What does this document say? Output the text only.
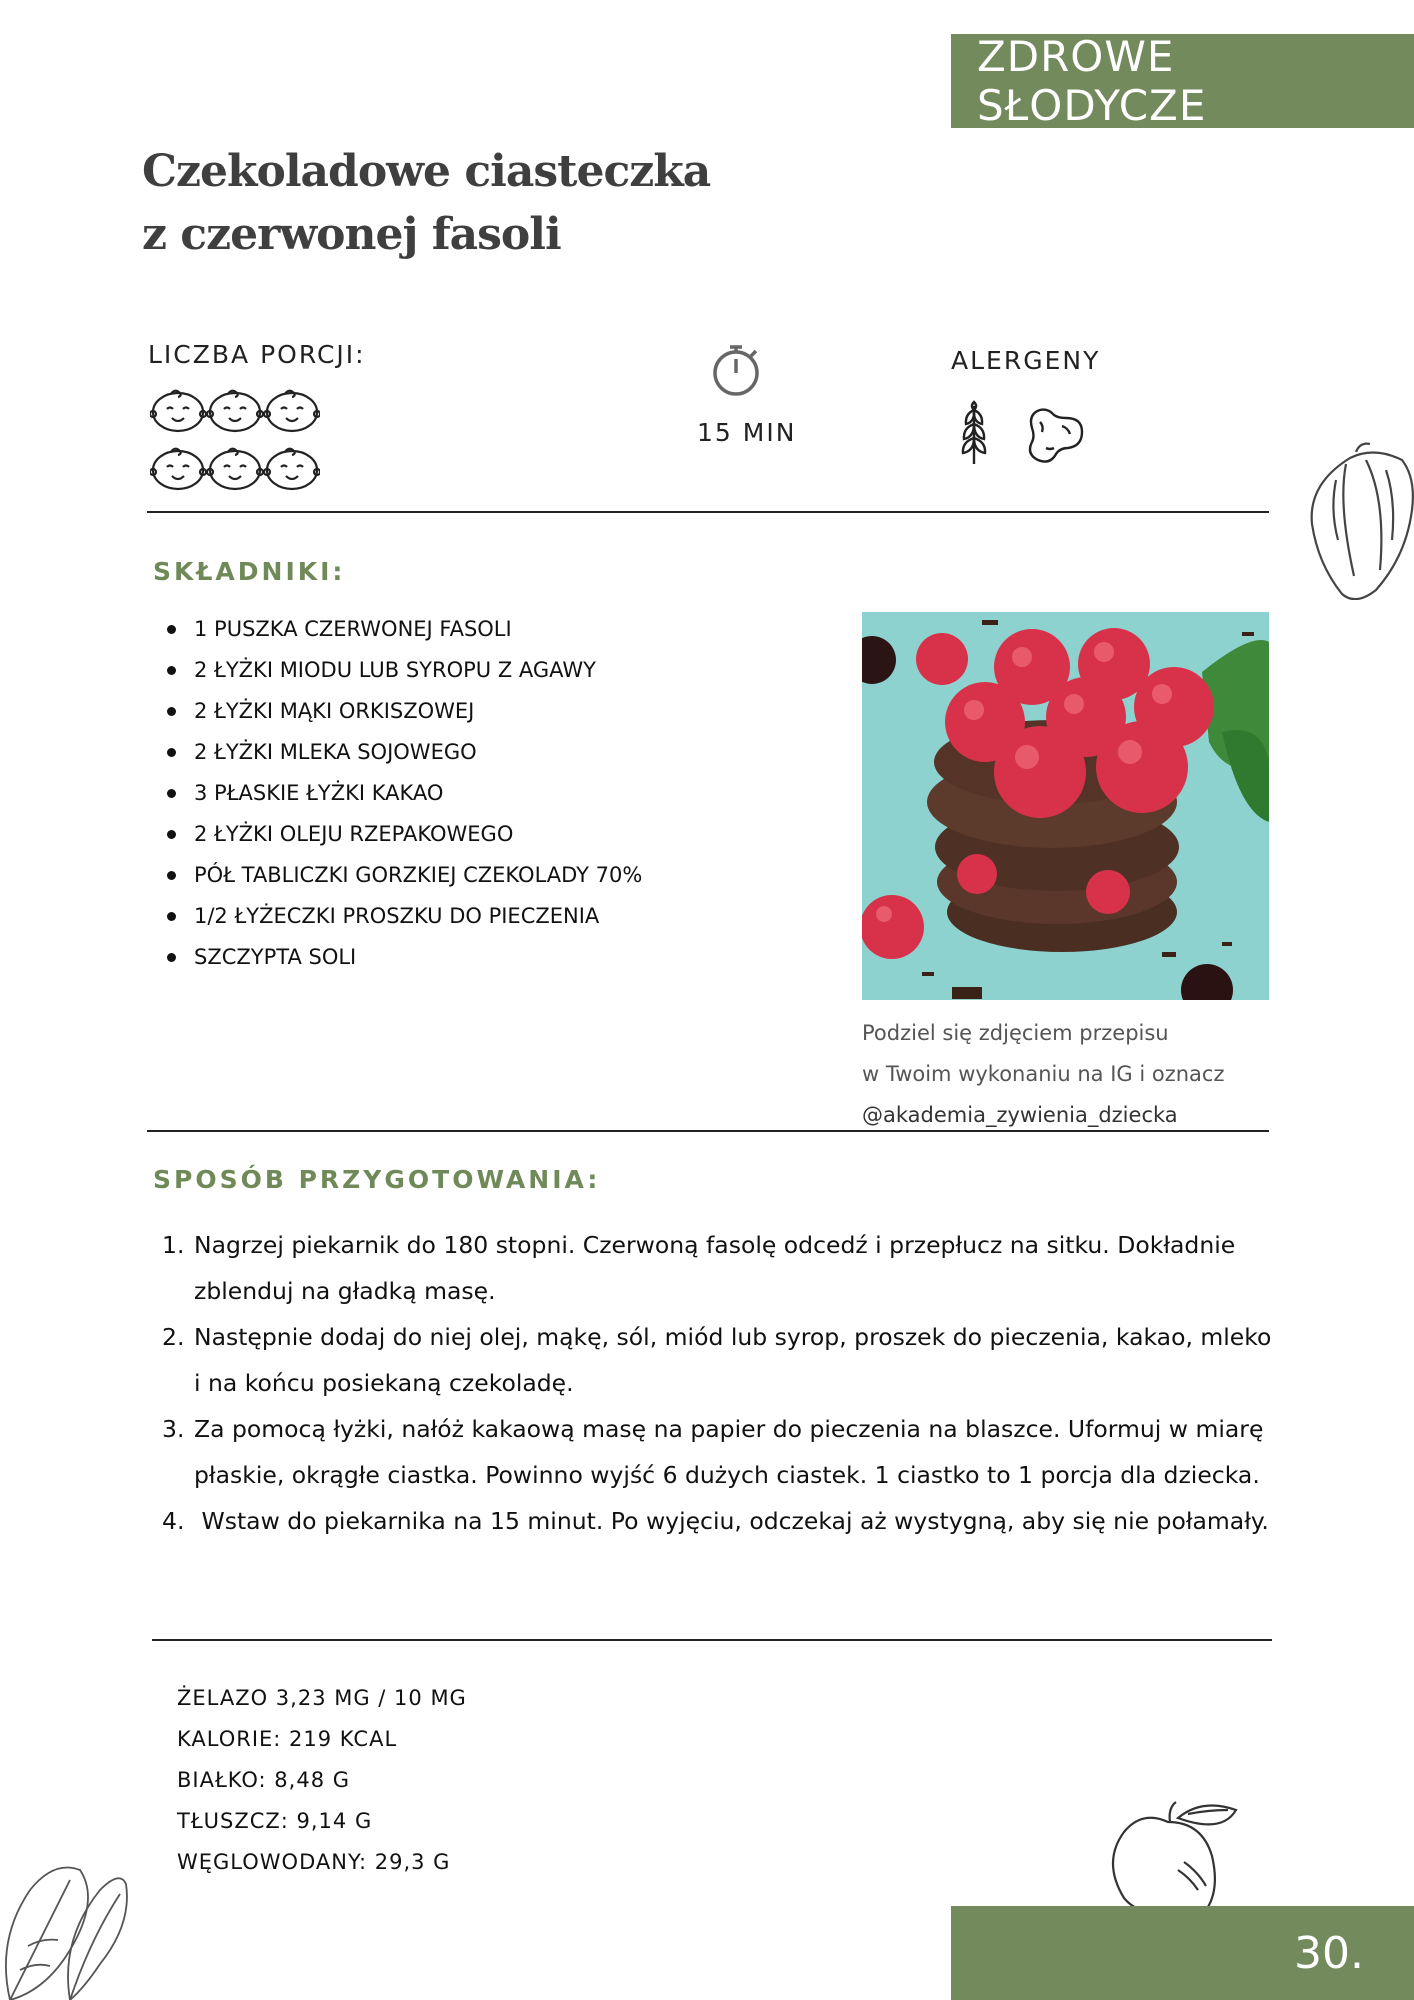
ZDROWE SŁODYCZE
Czekoladowe ciasteczka
z czerwonej fasoli
LICZBA PORCJI:
15 MIN
ALERGENY
SKŁADNIKI:
1 PUSZKA CZERWONEJ FASOLI
2 ŁYŻKI MIODU LUB SYROPU Z AGAWY
2 ŁYŻKI MĄKI ORKISZOWEJ
2 ŁYŻKI MLEKA SOJOWEGO
3 PŁASKIE ŁYŻKI KAKAO
2 ŁYŻKI OLEJU RZEPAKOWEGO
PÓŁ TABLICZKI GORZKIEJ CZEKOLADY 70%
1/2 ŁYŻECZKI PROSZKU DO PIECZENIA
SZCZYPTA SOLI
Podziel się zdjęciem przepisu
w Twoim wykonaniu na IG i oznacz
@akademia_zywienia_dziecka
SPOSÓB PRZYGOTOWANIA:
1. Nagrzej piekarnik do 180 stopni. Czerwoną fasolę odcedź i przepłucz na sitku. Dokładnie
zblenduj na gładką masę.
2. Następnie dodaj do niej olej, mąkę, sól, miód lub syrop, proszek do pieczenia, kakao, mleko
i na końcu posiekaną czekoladę.
3. Za pomocą łyżki, nałóż kakaową masę na papier do pieczenia na blaszce. Uformuj w miarę
płaskie, okrągłe ciastka. Powinno wyjść 6 dużych ciastek. 1 ciastko to 1 porcja dla dziecka.
4. Wstaw do piekarnika na 15 minut. Po wyjęciu, odczekaj aż wystygną, aby się nie połamały.
ŻELAZO 3,23 MG / 10 MG
KALORIE: 219 KCAL
BIAŁKO: 8,48 G
TŁUSZCZ: 9,14 G
WĘGLOWODANY: 29,3 G
30.
